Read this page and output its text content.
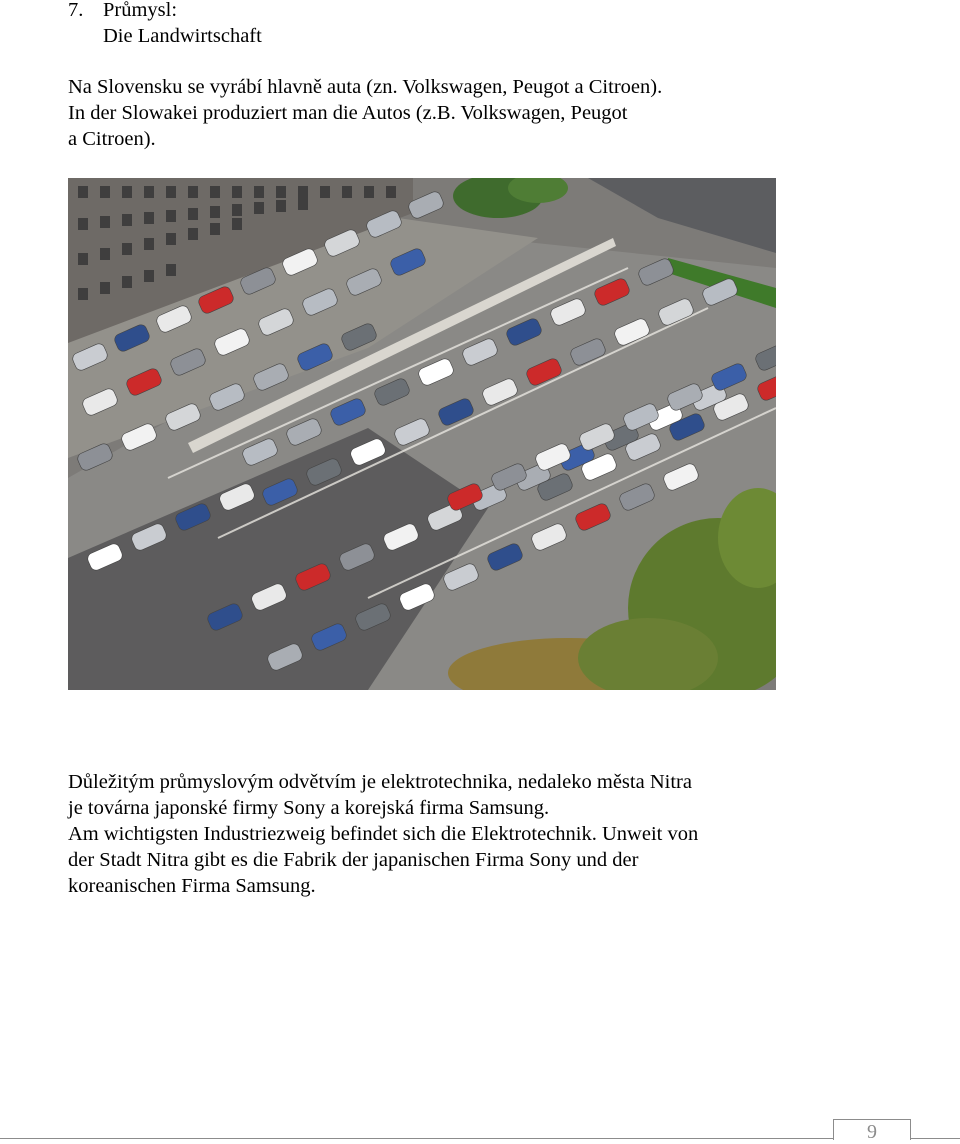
7. Průmysl:
Die Landwirtschaft
Na Slovensku se vyrábí hlavně auta (zn. Volkswagen, Peugot a Citroen).
In der Slowakei produziert man die Autos (z.B. Volkswagen, Peugot
a Citroen).
Důležitým průmyslovým odvětvím je elektrotechnika, nedaleko města Nitra
je továrna japonské firmy Sony a korejská firma Samsung.
Am wichtigsten Industriezweig befindet sich die Elektrotechnik. Unweit von
der Stadt Nitra gibt es die Fabrik der japanischen Firma Sony und der
koreanischen Firma Samsung.
9
